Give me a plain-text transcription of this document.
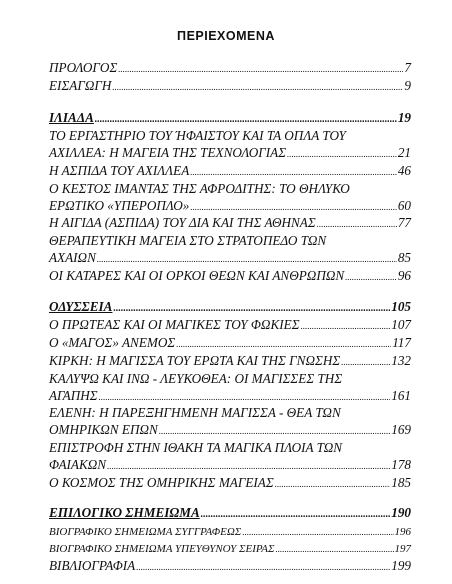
ΠΕΡΙΕΧΟΜΕΝΑ
ΠΡΟΛΟΓΟΣ .....	7
ΕΙΣΑΓΩΓΗ .....	9
ΙΛΙΑΔΑ .....	19
ΤΟ ΕΡΓΑΣΤΗΡΙΟ ΤΟΥ ΉΦΑΙΣΤΟΥ ΚΑΙ ΤΑ ΟΠΛΑ ΤΟΥ
ΑΧΙΛΛΕΑ: Η ΜΑΓΕΙΑ ΤΗΣ ΤΕΧΝΟΛΟΓΙΑΣ .....	21
Η ΑΣΠΙΔΑ ΤΟΥ ΑΧΙΛΛΕΑ .....	46
Ο ΚΕΣΤΟΣ ΙΜΑΝΤΑΣ ΤΗΣ ΑΦΡΟΔΙΤΗΣ: ΤΟ ΘΗΛΥΚΟ
ΕΡΩΤΙΚΟ «ΥΠΕΡΟΠΛΟ» .....	60
Η ΑΙΓΙΔΑ (ΑΣΠΙΔΑ) ΤΟΥ ΔΙΑ ΚΑΙ ΤΗΣ ΑΘΗΝΑΣ .....	77
ΘΕΡΑΠΕΥΤΙΚΗ ΜΑΓΕΙΑ ΣΤΟ ΣΤΡΑΤΟΠΕΔΟ ΤΩΝ
ΑΧΑΙΩΝ .....	85
ΟΙ ΚΑΤΑΡΕΣ ΚΑΙ ΟΙ ΟΡΚΟΙ ΘΕΩΝ ΚΑΙ ΑΝΘΡΩΠΩΝ .....	96
ΟΔΥΣΣΕΙΑ .....	105
Ο ΠΡΩΤΕΑΣ ΚΑΙ ΟΙ ΜΑΓΙΚΕΣ ΤΟΥ ΦΩΚΙΕΣ .....	107
Ο «ΜΑΓΟΣ» ΑΝΕΜΟΣ .....	117
ΚΙΡΚΗ: Η ΜΑΓΙΣΣΑ ΤΟΥ ΕΡΩΤΑ ΚΑΙ ΤΗΣ ΓΝΩΣΗΣ .....	132
ΚΑΛΥΨΩ ΚΑΙ ΙΝΩ - ΛΕΥΚΟΘΕΑ: ΟΙ ΜΑΓΙΣΣΕΣ ΤΗΣ
ΑΓΑΠΗΣ .....	161
ΕΛΕΝΗ: Η ΠΑΡΕΞΗΓΗΜΕΝΗ ΜΑΓΙΣΣΑ - ΘΕΑ ΤΩΝ
ΟΜΗΡΙΚΩΝ ΕΠΩΝ .....	169
ΕΠΙΣΤΡΟΦΗ ΣΤΗΝ ΙΘΑΚΗ ΤΑ ΜΑΓΙΚΑ ΠΛΟΙΑ ΤΩΝ
ΦΑΙΑΚΩΝ .....	178
Ο ΚΟΣΜΟΣ ΤΗΣ ΟΜΗΡΙΚΗΣ ΜΑΓΕΙΑΣ .....	185
ΕΠΙΛΟΓΙΚΟ ΣΗΜΕΙΩΜΑ .....	190
ΒΙΟΓΡΑΦΙΚΟ ΣΗΜΕΙΩΜΑ ΣΥΓΓΡΑΦΕΩΣ .....	196
ΒΙΟΓΡΑΦΙΚΟ ΣΗΜΕΙΩΜΑ ΥΠΕΥΘΥΝΟΥ ΣΕΙΡΑΣ .....	197
ΒΙΒΛΙΟΓΡΑΦΙΑ .....	199
